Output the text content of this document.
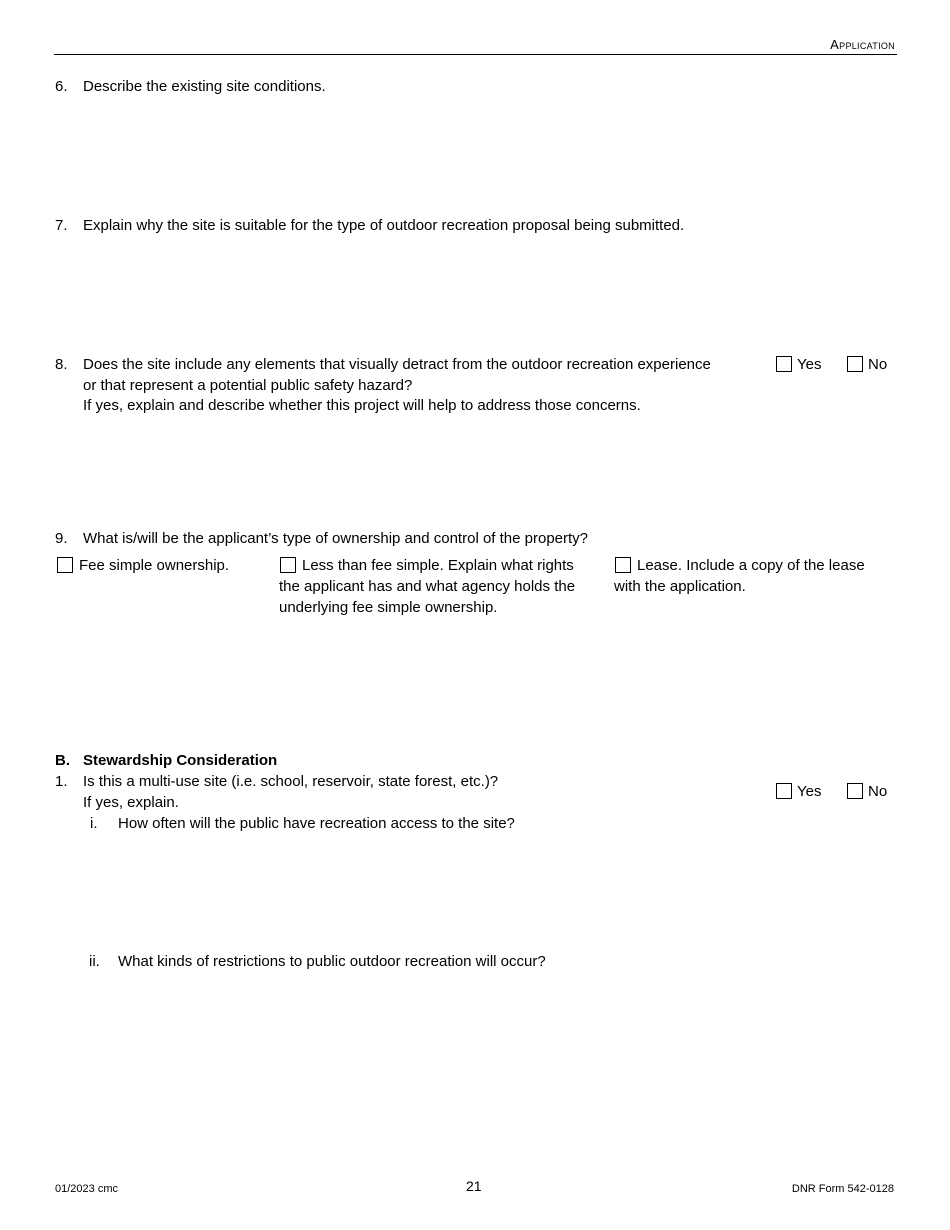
Application
6.	Describe the existing site conditions.
7.	Explain why the site is suitable for the type of outdoor recreation proposal being submitted.
8.	Does the site include any elements that visually detract from the outdoor recreation experience
or that represent a potential public safety hazard?
If yes, explain and describe whether this project will help to address those concerns.
Yes	No
9.	What is/will be the applicant’s type of ownership and control of the property?
Fee simple ownership.	Less than fee simple. Explain what rights
the applicant has and what agency holds the
underlying fee simple ownership.
Lease. Include a copy of the lease
with the application.
B. Stewardship Consideration
1.	Is this a multi-use site (i.e. school, reservoir, state forest, etc.)?
If yes, explain.
Yes	No
i. How often will the public have recreation access to the site?
ii. What kinds of restrictions to public outdoor recreation will occur?
01/2023 cmc	21	DNR Form 542-0128
